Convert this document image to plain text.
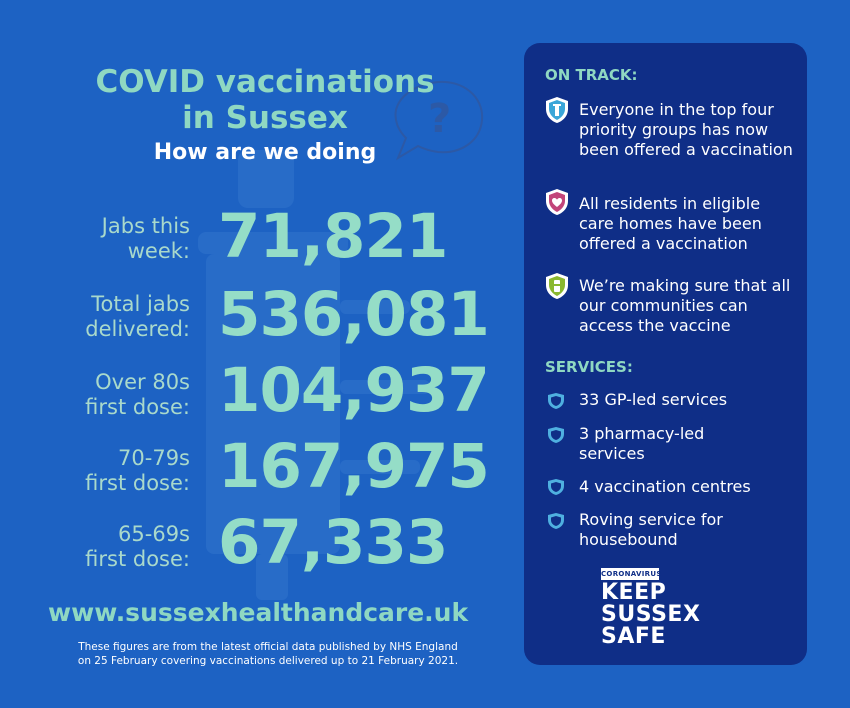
?
COVID vaccinations
in Sussex
How are we doing
Jabs this
week: 71,821
Total jabs
delivered: 536,081
Over 80s
first dose: 104,937
70-79s
first dose: 167,975
65-69s
first dose: 67,333
www.sussexhealthandcare.uk
These figures are from the latest official data published by NHS England
on 25 February covering vaccinations delivered up to 21 February 2021.
ON TRACK:
Everyone in the top four priority groups has now been offered a vaccination
All residents in eligible care homes have been offered a vaccination
We’re making sure that all our communities can access the vaccine
SERVICES:
33 GP-led services
3 pharmacy-led services
4 vaccination centres
Roving service for housebound
CORONAVIRUS
KEEP
SUSSEX
SAFE
